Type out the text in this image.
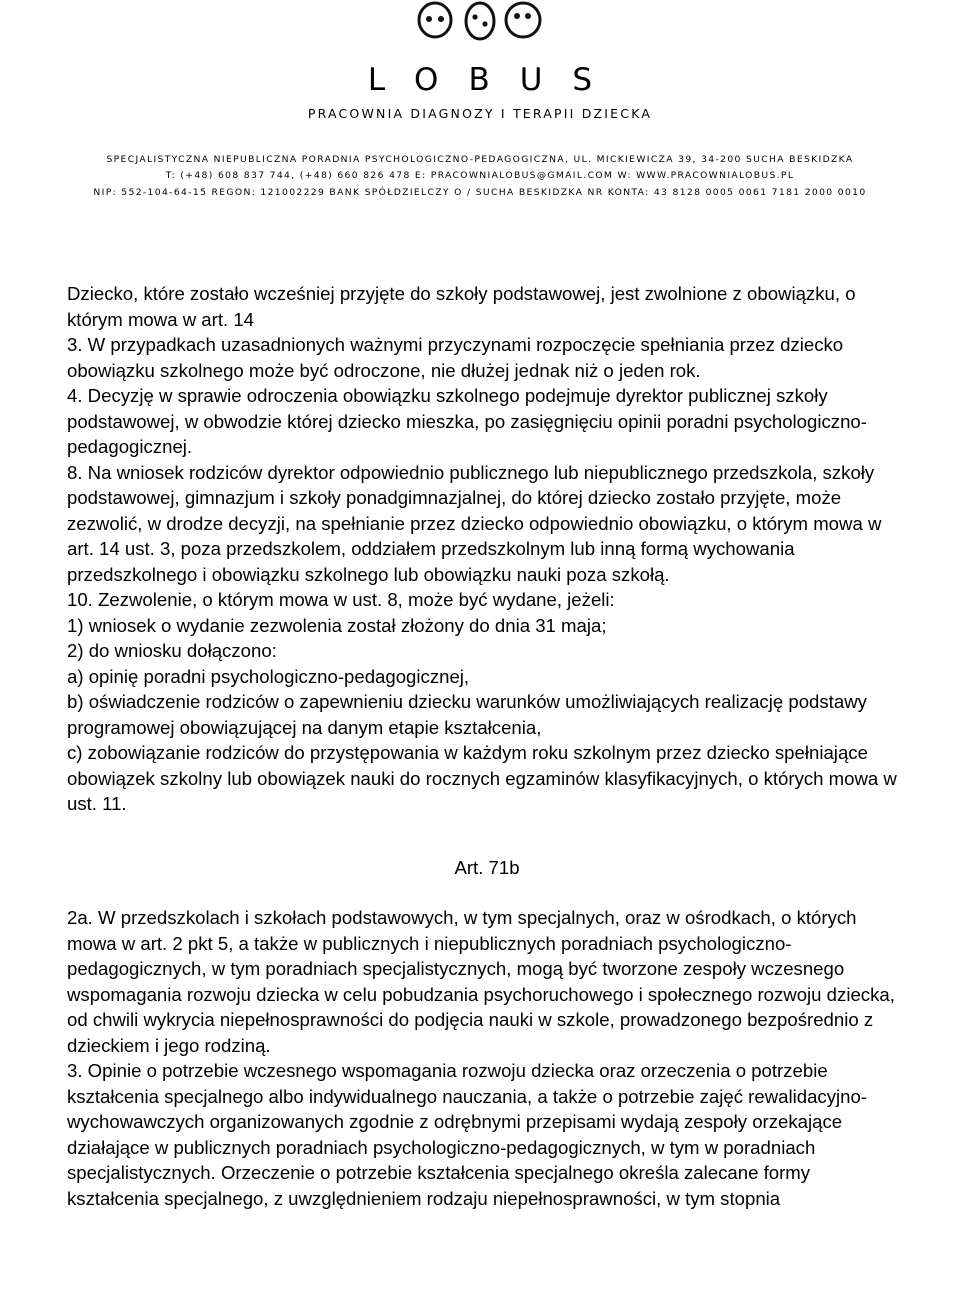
LOBUS
PRACOWNIA DIAGNOZY I TERAPII DZIECKA
SPECJALISTYCZNA NIEPUBLICZNA PORADNIA PSYCHOLOGICZNO-PEDAGOGICZNA, UL. MICKIEWICZA 39, 34-200 SUCHA BESKIDZKA
T: (+48) 608 837 744, (+48) 660 826 478 E: PRACOWNIALOBUS@GMAIL.COM W: WWW.PRACOWNIALOBUS.PL
NIP: 552-104-64-15 REGON: 121002229 BANK SPÓŁDZIELCZY O / SUCHA BESKIDZKA NR KONTA: 43 8128 0005 0061 7181 2000 0010

Dziecko, które zostało wcześniej przyjęte do szkoły podstawowej, jest zwolnione z obowiązku, o którym mowa w art. 14

3. W przypadkach uzasadnionych ważnymi przyczynami rozpoczęcie spełniania przez dziecko obowiązku szkolnego może być odroczone, nie dłużej jednak niż o jeden rok.

4. Decyzję w sprawie odroczenia obowiązku szkolnego podejmuje dyrektor publicznej szkoły podstawowej, w obwodzie której dziecko mieszka, po zasięgnięciu opinii poradni psychologiczno-pedagogicznej.

8. Na wniosek rodziców dyrektor odpowiednio publicznego lub niepublicznego przedszkola, szkoły podstawowej, gimnazjum i szkoły ponadgimnazjalnej, do której dziecko zostało przyjęte, może zezwolić, w drodze decyzji, na spełnianie przez dziecko odpowiednio obowiązku, o którym mowa w art. 14 ust. 3, poza przedszkolem, oddziałem przedszkolnym lub inną formą wychowania przedszkolnego i obowiązku szkolnego lub obowiązku nauki poza szkołą.

10. Zezwolenie, o którym mowa w ust. 8, może być wydane, jeżeli:

1) wniosek o wydanie zezwolenia został złożony do dnia 31 maja;

2) do wniosku dołączono:

a) opinię poradni psychologiczno-pedagogicznej,

b) oświadczenie rodziców o zapewnieniu dziecku warunków umożliwiających realizację podstawy programowej obowiązującej na danym etapie kształcenia,

c) zobowiązanie rodziców do przystępowania w każdym roku szkolnym przez dziecko spełniające obowiązek szkolny lub obowiązek nauki do rocznych egzaminów klasyfikacyjnych, o których mowa w ust. 11.

Art. 71b

2a. W przedszkolach i szkołach podstawowych, w tym specjalnych, oraz w ośrodkach, o których mowa w art. 2 pkt 5, a także w publicznych i niepublicznych poradniach psychologiczno-pedagogicznych, w tym poradniach specjalistycznych, mogą być tworzone zespoły wczesnego wspomagania rozwoju dziecka w celu pobudzania psychoruchowego i społecznego rozwoju dziecka, od chwili wykrycia niepełnosprawności do podjęcia nauki w szkole, prowadzonego bezpośrednio z dzieckiem i jego rodziną.

3. Opinie o potrzebie wczesnego wspomagania rozwoju dziecka oraz orzeczenia o potrzebie kształcenia specjalnego albo indywidualnego nauczania, a także o potrzebie zajęć rewalidacyjno-wychowawczych organizowanych zgodnie z odrębnymi przepisami wydają zespoły orzekające działające w publicznych poradniach psychologiczno-pedagogicznych, w tym w poradniach specjalistycznych. Orzeczenie o potrzebie kształcenia specjalnego określa zalecane formy kształcenia specjalnego, z uwzględnieniem rodzaju niepełnosprawności, w tym stopnia
